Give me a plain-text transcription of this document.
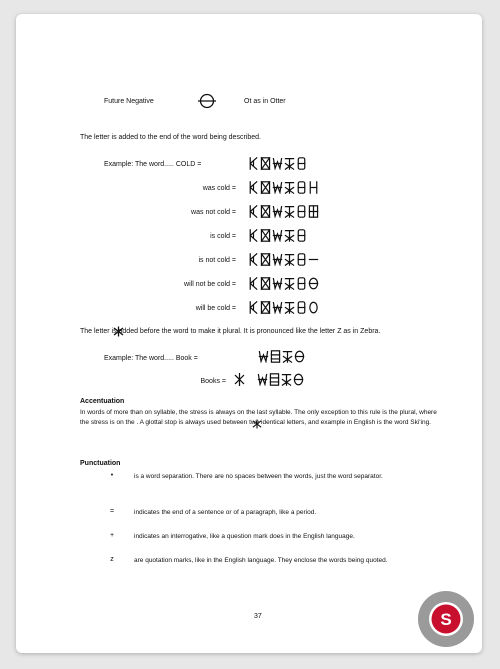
Future Negative	Ot as in Otter
The letter is added to the end of the word being described.
Example: The word..... COLD =
was cold =
was not cold =
is cold =
is not cold =
will not be cold =
will be cold =
The letter is added before the word to make it plural. It is pronounced like the letter Z as in Zebra.
Example: The word..... Book =
Books =
Accentuation
In words of more than on syllable, the stress is always on the last syllable. The only exception to this rule is the plural, where the stress is on the . A glottal stop is always used between two identical letters, and example in English is the word Ski'ing.
Punctuation
•	is a word separation. There are no spaces between the words, just the word separator.
=	indicates the end of a sentence or of a paragraph, like a period.
+	indicates an interrogative, like a question mark does in the English language.
z	are quotation marks, like in the English language. They enclose the words being quoted.
37	S
